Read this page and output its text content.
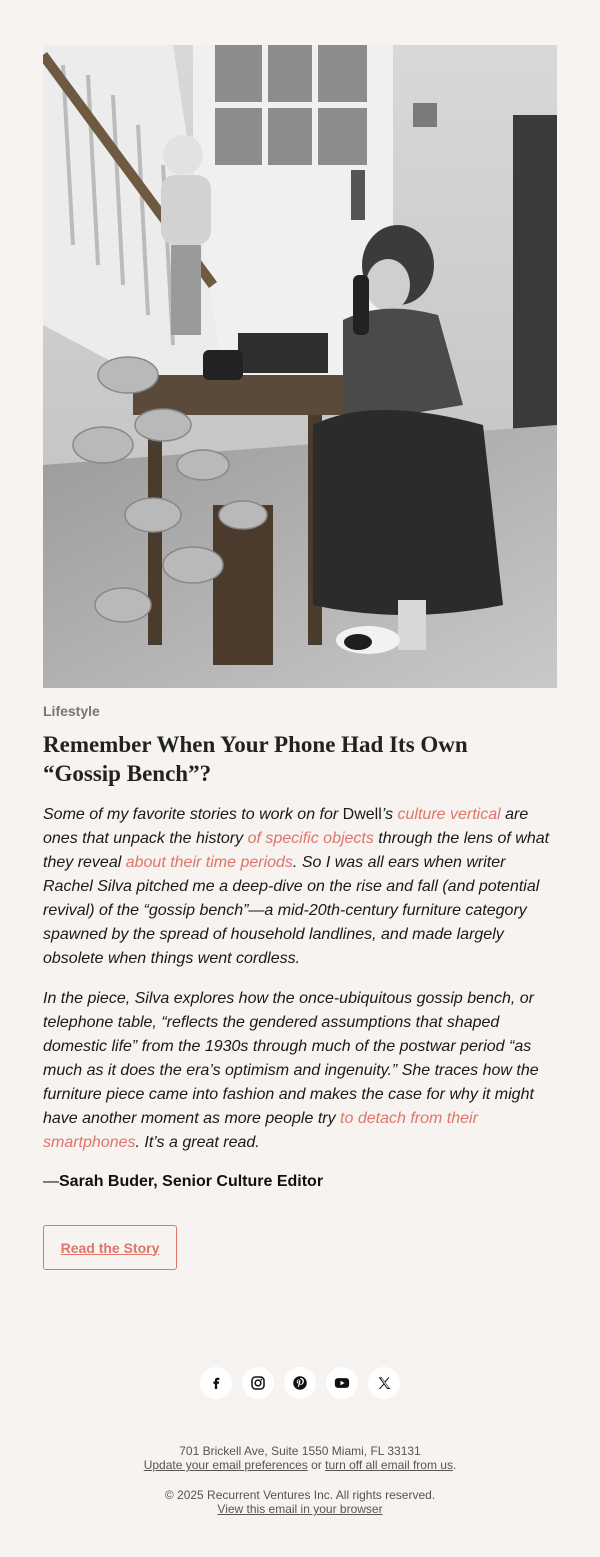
Lifestyle
Remember When Your Phone Had Its Own “Gossip Bench”?

Some of my favorite stories to work on for Dwell’s culture vertical are ones that unpack the history of specific objects through the lens of what they reveal about their time periods. So I was all ears when writer Rachel Silva pitched me a deep-dive on the rise and fall (and potential revival) of the “gossip bench”—a mid-20th-century furniture category spawned by the spread of household landlines, and made largely obsolete when things went cordless.

In the piece, Silva explores how the once-ubiquitous gossip bench, or telephone table, “reflects the gendered assumptions that shaped domestic life” from the 1930s through much of the postwar period “as much as it does the era’s optimism and ingenuity.” She traces how the furniture piece came into fashion and makes the case for why it might have another moment as more people try to detach from their smartphones. It’s a great read.

—Sarah Buder, Senior Culture Editor

Read the Story
701 Brickell Ave, Suite 1550 Miami, FL 33131
Update your email preferences or turn off all email from us.
© 2025 Recurrent Ventures Inc. All rights reserved.
View this email in your browser
